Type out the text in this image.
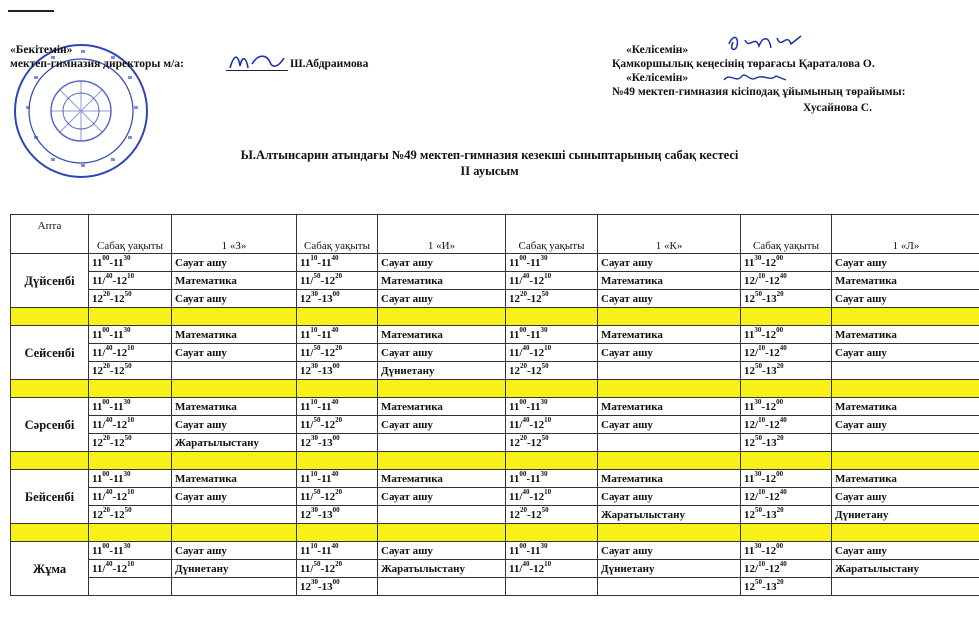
«Бекітемін»
мектеп-гимназия директоры м/а:	Ш.Абдраимова
«Келісемін»
Қамкоршылық кеңесінің төрағасы Қараталова О.
«Келісемін»
№49 мектеп-гимназия кісіподақ ұйымының төрайымы:
Хусайнова С.
Ы.Алтынсарин атындағы №49 мектеп-гимназия кезекші сыныптарының сабақ кестесі
ІІ ауысым
Апта	Сабақ уақыты	1 «З»	Сабақ уақыты	1 «И»	Сабақ уақыты	1 «К»	Сабақ уақыты	1 «Л»
Дүйсенбі	$11^{00}-11^{30}$	Сауат ашу	$11^{10}-11^{40}$	Сауат ашу	$11^{00}-11^{30}$	Сауат ашу	$11^{30}-12^{00}$	Сауат ашу
	$11/^{40}-12^{10}$	Математика	$11/^{50}-12^{20}$	Математика	$11/^{40}-12^{10}$	Математика	$12/^{10}-12^{40}$	Математика
	$12^{20}-12^{50}$	Сауат ашу	$12^{30}-13^{00}$	Сауат ашу	$12^{20}-12^{50}$	Сауат ашу	$12^{50}-13^{20}$	Сауат ашу

Сейсенбі	$11^{00}-11^{30}$	Математика	$11^{10}-11^{40}$	Математика	$11^{00}-11^{30}$	Математика	$11^{30}-12^{00}$	Математика
	$11/^{40}-12^{10}$	Сауат ашу	$11/^{50}-12^{20}$	Сауат ашу	$11/^{40}-12^{10}$	Сауат ашу	$12/^{10}-12^{40}$	Сауат ашу
	$12^{20}-12^{50}$		$12^{30}-13^{00}$	Дүниетану	$12^{20}-12^{50}$		$12^{50}-13^{20}$	

Сәрсенбі	$11^{00}-11^{30}$	Математика	$11^{10}-11^{40}$	Математика	$11^{00}-11^{30}$	Математика	$11^{30}-12^{00}$	Математика
	$11/^{40}-12^{10}$	Сауат ашу	$11/^{50}-12^{20}$	Сауат ашу	$11/^{40}-12^{10}$	Сауат ашу	$12/^{10}-12^{40}$	Сауат ашу
	$12^{20}-12^{50}$	Жаратылыстану	$12^{30}-13^{00}$		$12^{20}-12^{50}$		$12^{50}-13^{20}$	

Бейсенбі	$11^{00}-11^{30}$	Математика	$11^{10}-11^{40}$	Математика	$11^{00}-11^{30}$	Математика	$11^{30}-12^{00}$	Математика
	$11/^{40}-12^{10}$	Сауат ашу	$11/^{50}-12^{20}$	Сауат ашу	$11/^{40}-12^{10}$	Сауат ашу	$12/^{10}-12^{40}$	Сауат ашу
	$12^{20}-12^{50}$		$12^{30}-13^{00}$		$12^{20}-12^{50}$	Жаратылыстану	$12^{50}-13^{20}$	Дүниетану

Жұма	$11^{00}-11^{30}$	Сауат ашу	$11^{10}-11^{40}$	Сауат ашу	$11^{00}-11^{30}$	Сауат ашу	$11^{30}-12^{00}$	Сауат ашу
	$11/^{40}-12^{10}$	Дүниетану	$11/^{50}-12^{20}$	Жаратылыстану	$11/^{40}-12^{10}$	Дүниетану	$12/^{10}-12^{40}$	Жаратылыстану
			$12^{30}-13^{00}$				$12^{50}-13^{20}$	
